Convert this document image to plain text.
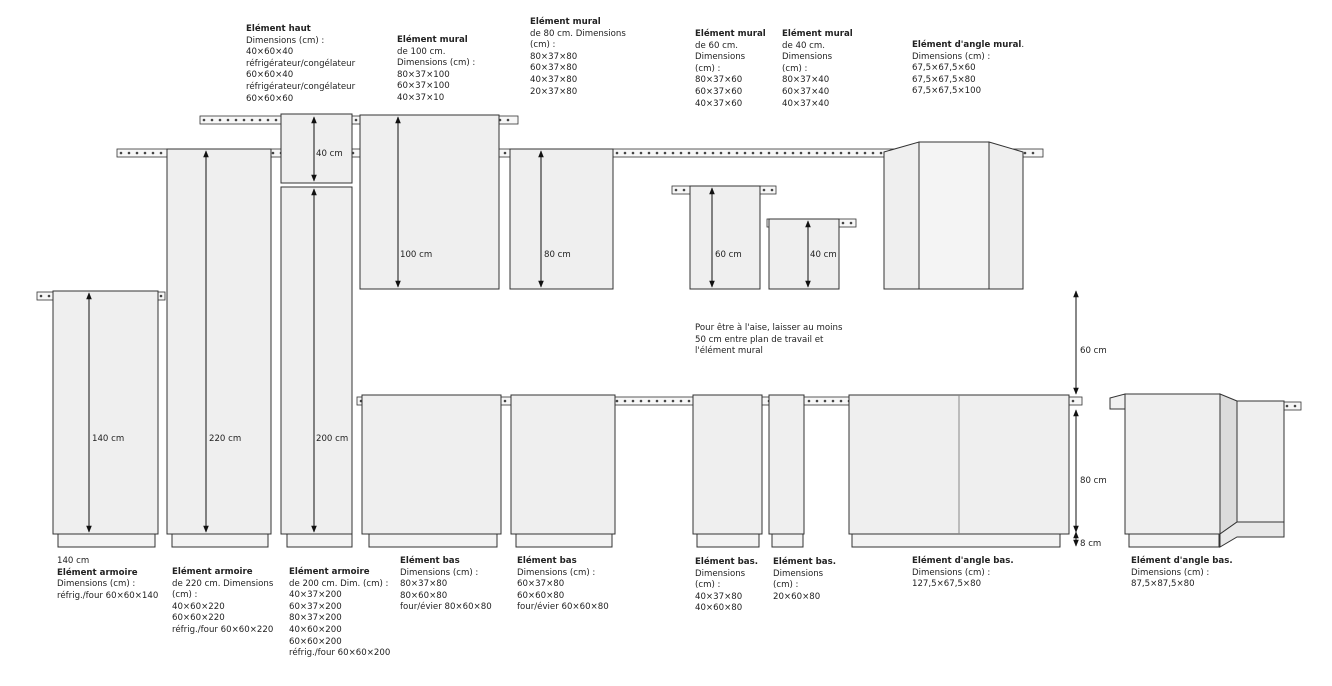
40 cm
100 cm	80 cm	60 cm	40 cm
140 cm	220 cm	200 cm
60 cm
80 cm
8 cm
Elément haut
Dimensions (cm) :
40×60×40
réfrigérateur/congélateur
60×60×40
réfrigérateur/congélateur
60×60×60
Elément mural
de 100 cm.
Dimensions (cm) :
80×37×100
60×37×100
40×37×10
Elément mural
de 80 cm. Dimensions
(cm) :
80×37×80
60×37×80
40×37×80
20×37×80
Elément mural
de 60 cm.
Dimensions
(cm) :
80×37×60
60×37×60
40×37×60
Elément mural
de 40 cm.
Dimensions
(cm) :
80×37×40
60×37×40
40×37×40
Elément d'angle mural.
Dimensions (cm) :
67,5×67,5×60
67,5×67,5×80
67,5×67,5×100
Pour être à l'aise, laisser au moins
50 cm entre plan de travail et
l'élément mural
140 cm
Elément armoire
Dimensions (cm) :
réfrig./four 60×60×140
Elément armoire
de 220 cm. Dimensions
(cm) :
40×60×220
60×60×220
réfrig./four 60×60×220
Elément armoire
de 200 cm. Dim. (cm) :
40×37×200
60×37×200
80×37×200
40×60×200
60×60×200
réfrig./four 60×60×200
Elément bas
Dimensions (cm) :
80×37×80
80×60×80
four/évier 80×60×80
Elément bas
Dimensions (cm) :
60×37×80
60×60×80
four/évier 60×60×80
Elément bas.
Dimensions
(cm) :
40×37×80
40×60×80
Elément bas.
Dimensions
(cm) :
20×60×80
Elément d'angle bas.
Dimensions (cm) :
127,5×67,5×80
Elément d'angle bas.
Dimensions (cm) :
87,5×87,5×80
